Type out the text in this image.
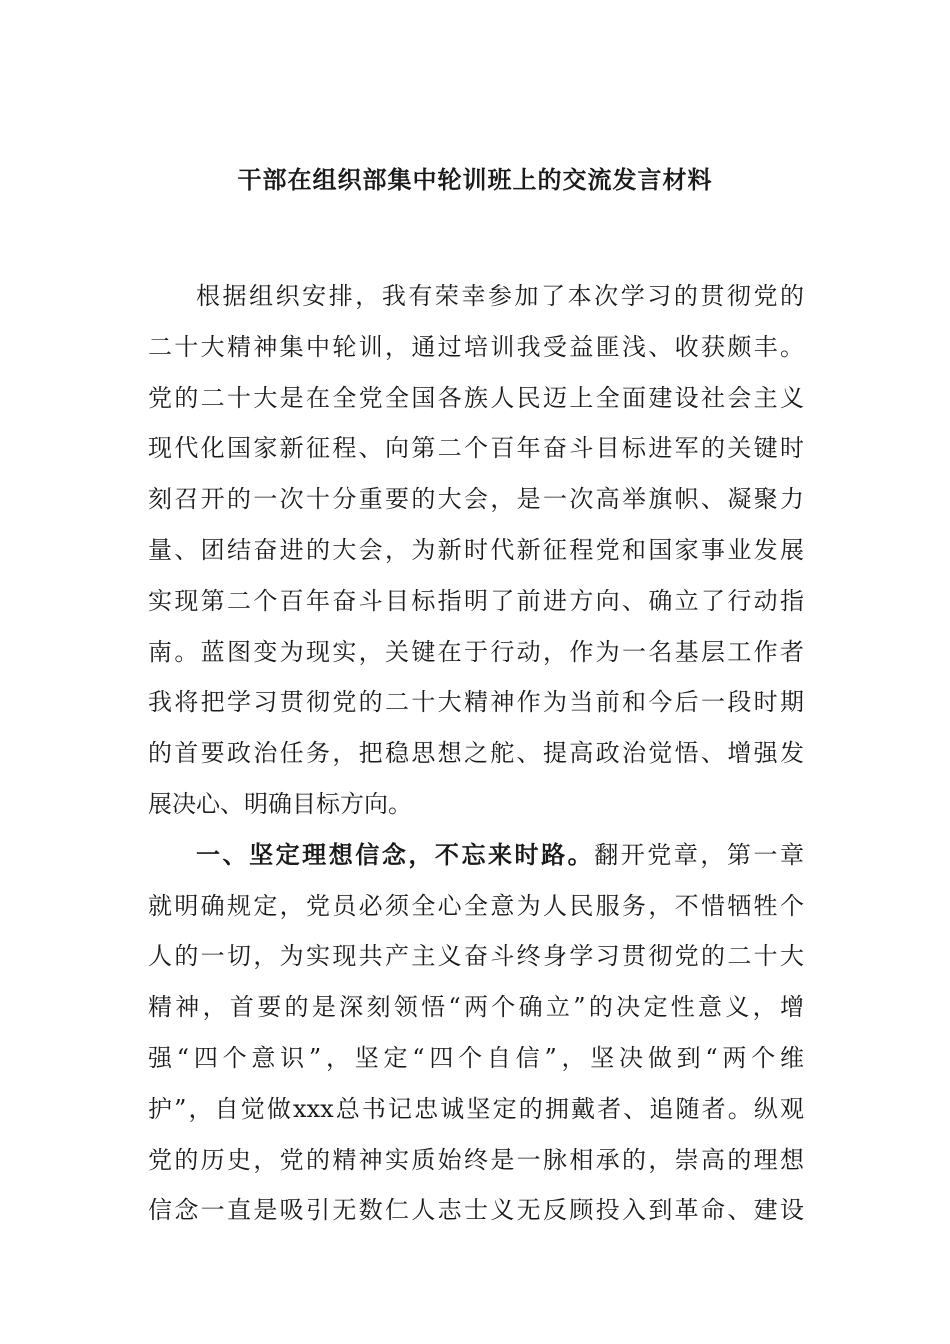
干部在组织部集中轮训班上的交流发言材料
根据组织安排，我有荣幸参加了本次学习的贯彻党的
二十大精神集中轮训，通过培训我受益匪浅、收获颇丰。
党的二十大是在全党全国各族人民迈上全面建设社会主义
现代化国家新征程、向第二个百年奋斗目标进军的关键时
刻召开的一次十分重要的大会，是一次高举旗帜、凝聚力
量、团结奋进的大会，为新时代新征程党和国家事业发展
实现第二个百年奋斗目标指明了前进方向、确立了行动指
南。蓝图变为现实，关键在于行动，作为一名基层工作者
我将把学习贯彻党的二十大精神作为当前和今后一段时期
的首要政治任务，把稳思想之舵、提高政治觉悟、增强发
展决心、明确目标方向。
一、坚定理想信念，不忘来时路。翻开党章，第一章
就明确规定，党员必须全心全意为人民服务，不惜牺牲个
人的一切，为实现共产主义奋斗终身学习贯彻党的二十大
精神，首要的是深刻领悟“两个确立”的决定性意义，增
强“四个意识”，坚定“四个自信”，坚决做到“两个维
护”，自觉做xxx总书记忠诚坚定的拥戴者、追随者。纵观
党的历史，党的精神实质始终是一脉相承的，崇高的理想
信念一直是吸引无数仁人志士义无反顾投入到革命、建设
